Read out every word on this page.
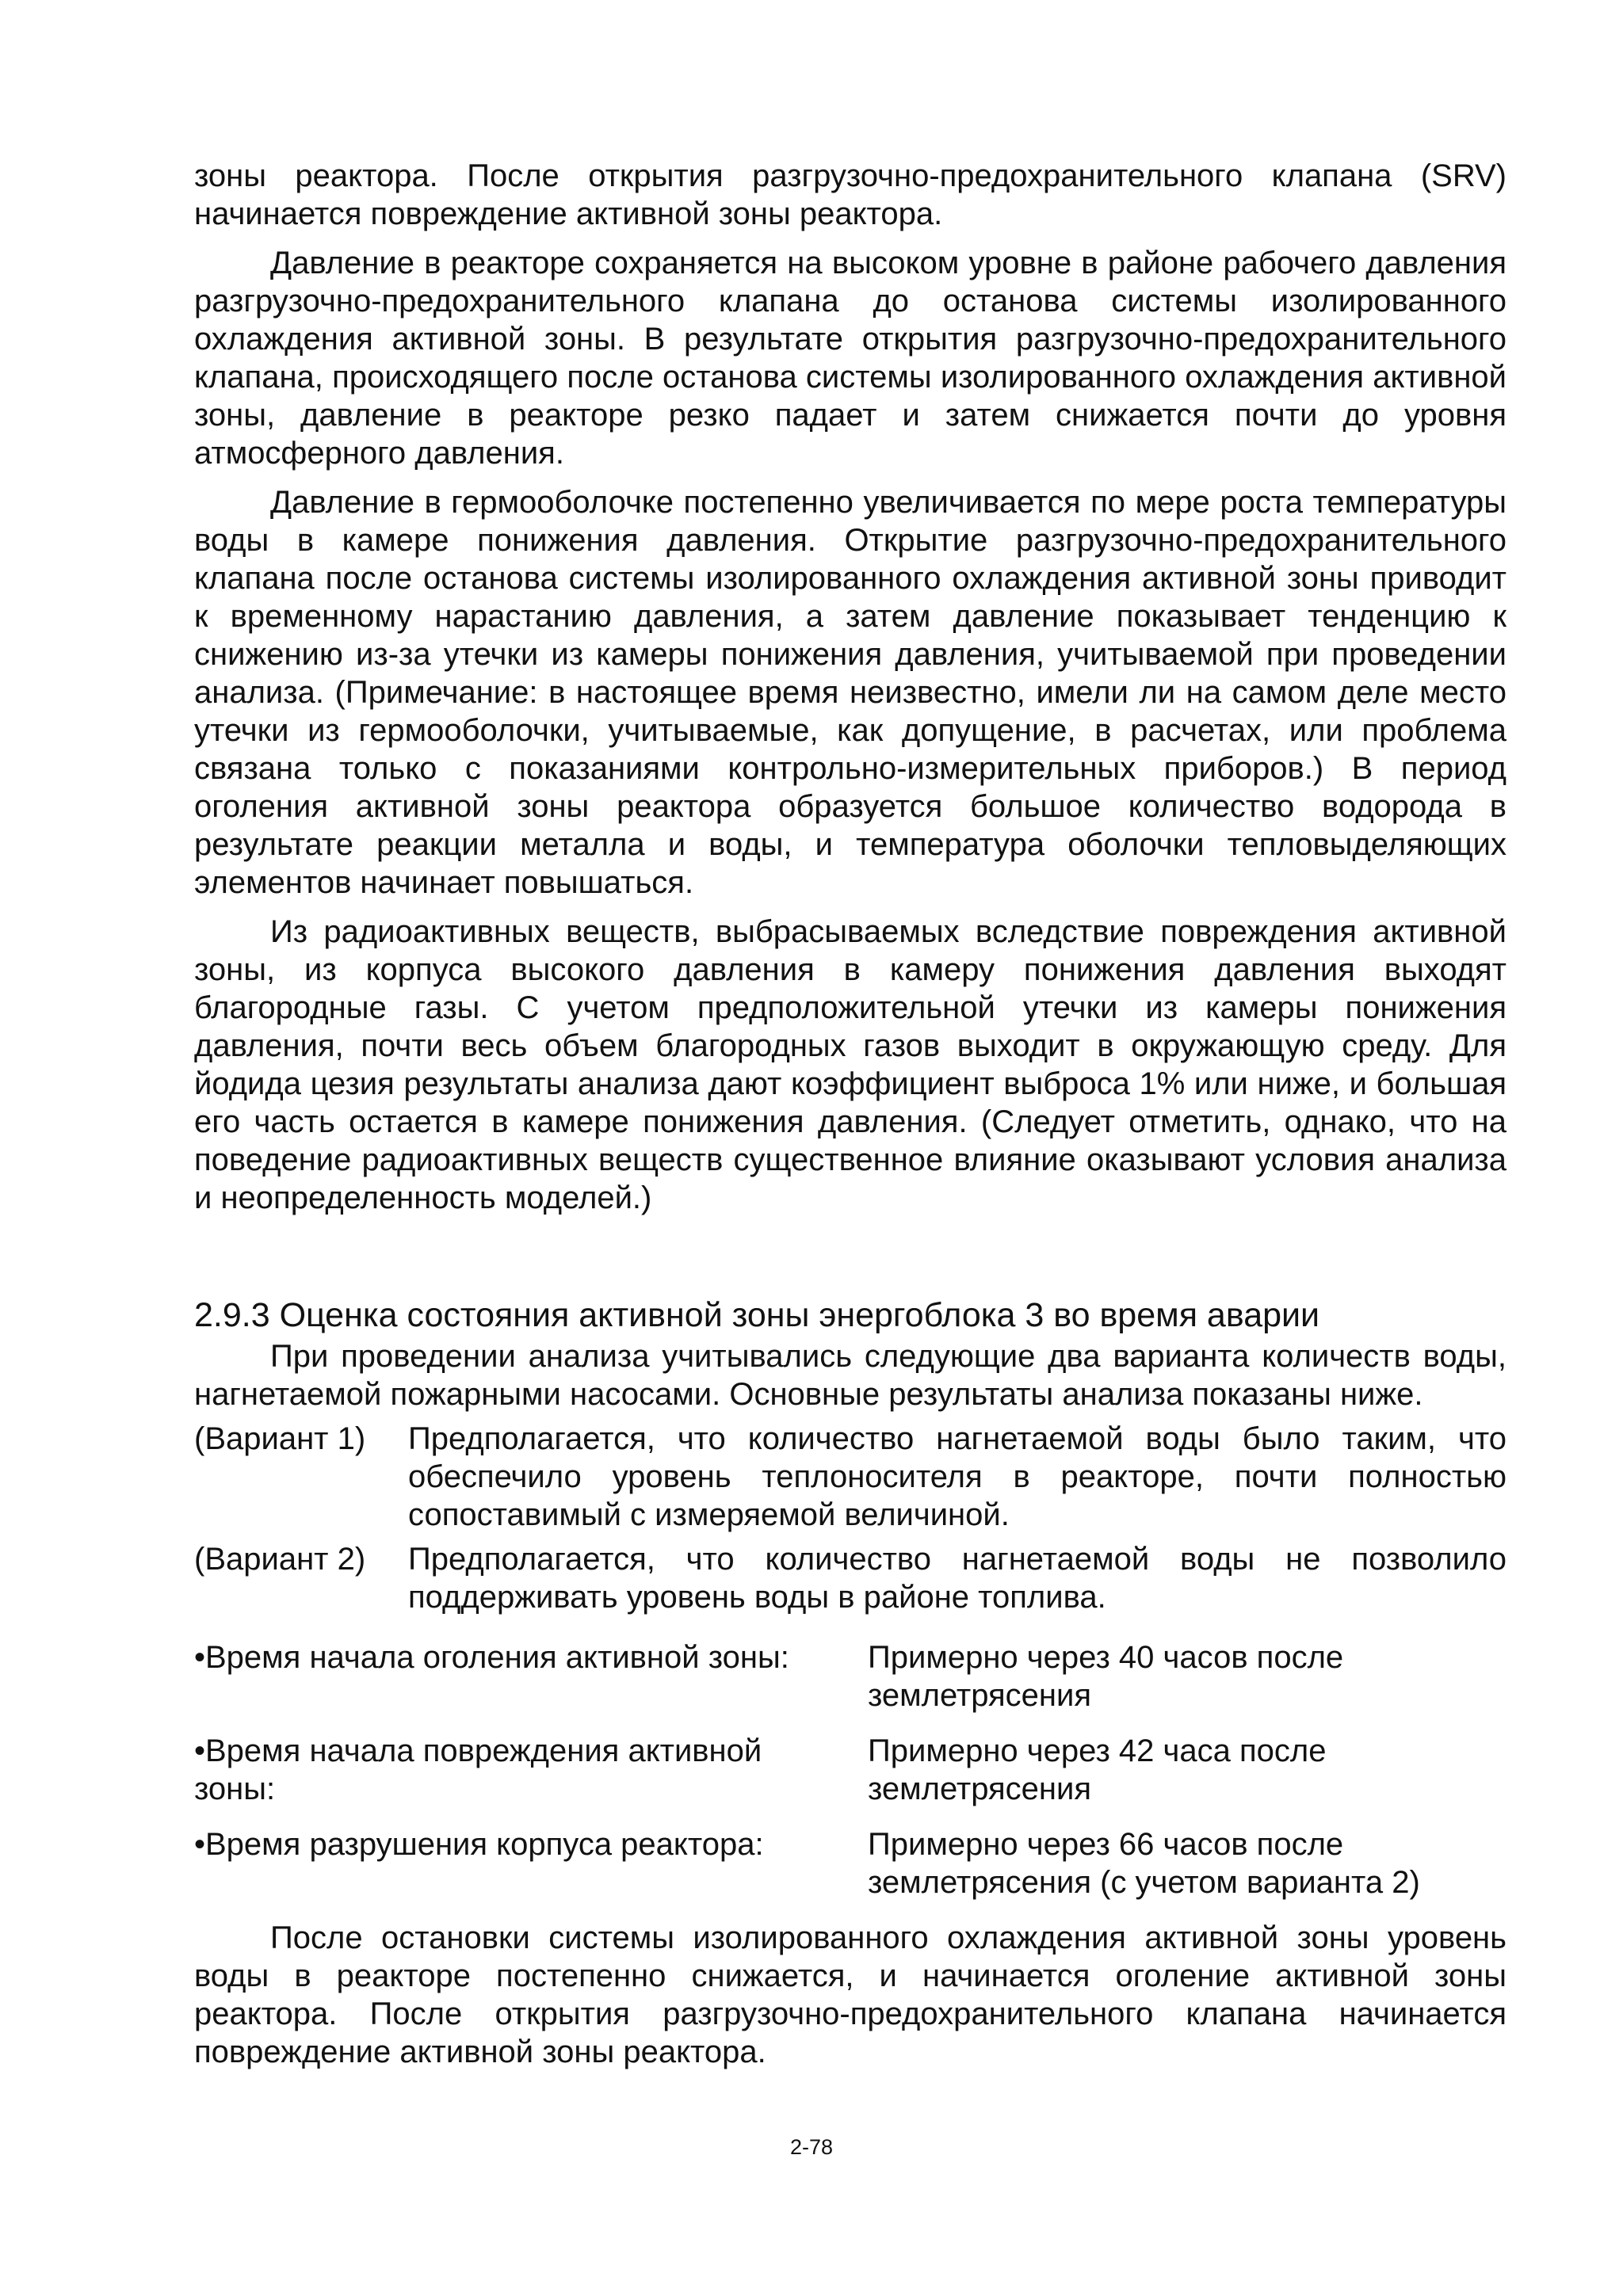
зоны реактора. После открытия разгрузочно-предохранительного клапана (SRV) начинается повреждение активной зоны реактора.

Давление в реакторе сохраняется на высоком уровне в районе рабочего давления разгрузочно-предохранительного клапана до останова системы изолированного охлаждения активной зоны. В результате открытия разгрузочно-предохранительного клапана, происходящего после останова системы изолированного охлаждения активной зоны, давление в реакторе резко падает и затем снижается почти до уровня атмосферного давления.

Давление в гермооболочке постепенно увеличивается по мере роста температуры воды в камере понижения давления. Открытие разгрузочно-предохранительного клапана после останова системы изолированного охлаждения активной зоны приводит к временному нарастанию давления, а затем давление показывает тенденцию к снижению из-за утечки из камеры понижения давления, учитываемой при проведении анализа. (Примечание: в настоящее время неизвестно, имели ли на самом деле место утечки из гермооболочки, учитываемые, как допущение, в расчетах, или проблема связана только с показаниями контрольно-измерительных приборов.) В период оголения активной зоны реактора образуется большое количество водорода в результате реакции металла и воды, и температура оболочки тепловыделяющих элементов начинает повышаться.

Из радиоактивных веществ, выбрасываемых вследствие повреждения активной зоны, из корпуса высокого давления в камеру понижения давления выходят благородные газы. С учетом предположительной утечки из камеры понижения давления, почти весь объем благородных газов выходит в окружающую среду. Для йодида цезия результаты анализа дают коэффициент выброса 1% или ниже, и большая его часть остается в камере понижения давления. (Следует отметить, однако, что на поведение радиоактивных веществ существенное влияние оказывают условия анализа и неопределенность моделей.)

2.9.3 Оценка состояния активной зоны энергоблока 3 во время аварии

При проведении анализа учитывались следующие два варианта количеств воды, нагнетаемой пожарными насосами. Основные результаты анализа показаны ниже.

(Вариант 1)	Предполагается, что количество нагнетаемой воды было таким, что обеспечило уровень теплоносителя в реакторе, почти полностью сопоставимый с измеряемой величиной.
(Вариант 2)	Предполагается, что количество нагнетаемой воды не позволило поддерживать уровень воды в районе топлива.
•Время начала оголения активной зоны: Примерно через 40 часов после землетрясения
•Время начала повреждения активной зоны:
Примерно через 42 часа после землетрясения
•Время разрушения корпуса реактора:	Примерно через 66 часов после землетрясения (с учетом варианта 2)

После остановки системы изолированного охлаждения активной зоны уровень воды в реакторе постепенно снижается, и начинается оголение активной зоны реактора. После открытия разгрузочно-предохранительного клапана начинается повреждение активной зоны реактора.

2-78
